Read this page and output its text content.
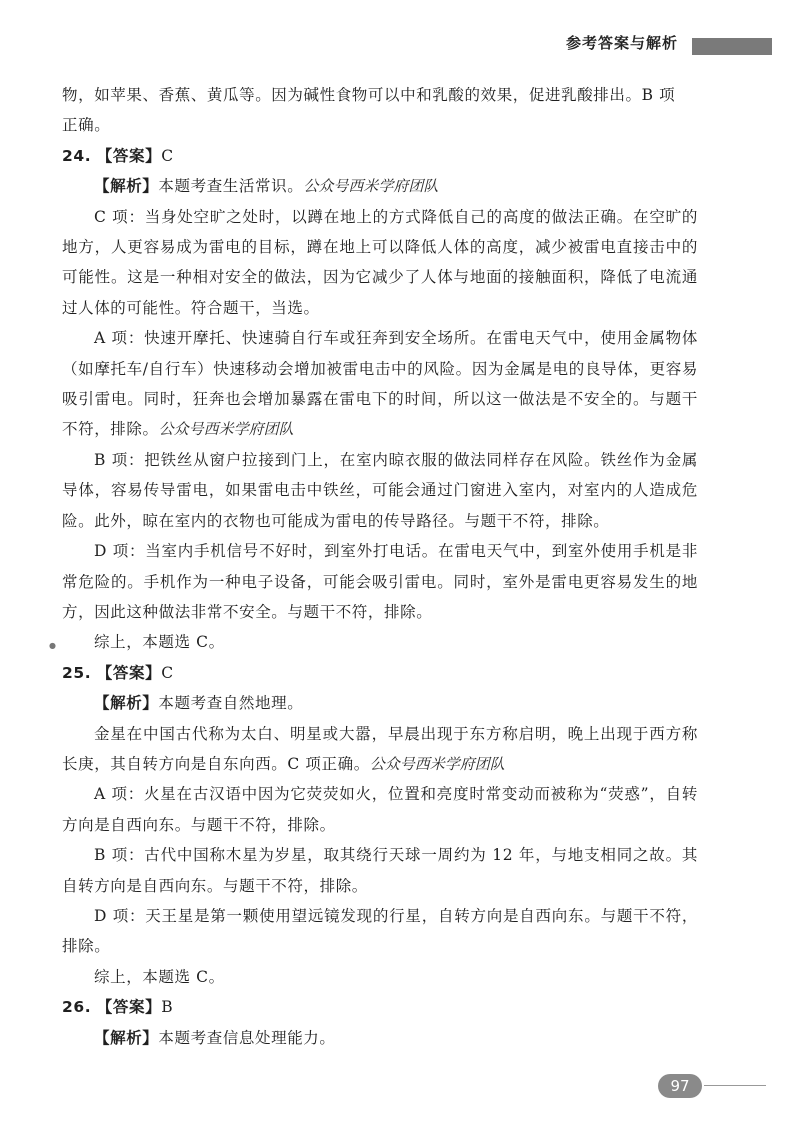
参考答案与解析

物，如苹果、香蕉、黄瓜等。因为碱性食物可以中和乳酸的效果，促进乳酸排出。B 项
正确。

24. 【答案】C

【解析】本题考查生活常识。公众号西米学府团队

C 项：当身处空旷之处时，以蹲在地上的方式降低自己的高度的做法正确。在空旷的地方，人更容易成为雷电的目标，蹲在地上可以降低人体的高度，减少被雷电直接击中的可能性。这是一种相对安全的做法，因为它减少了人体与地面的接触面积，降低了电流通过人体的可能性。符合题干，当选。

A 项：快速开摩托、快速骑自行车或狂奔到安全场所。在雷电天气中，使用金属物体（如摩托车/自行车）快速移动会增加被雷电击中的风险。因为金属是电的良导体，更容易吸引雷电。同时，狂奔也会增加暴露在雷电下的时间，所以这一做法是不安全的。与题干不符，排除。公众号西米学府团队

B 项：把铁丝从窗户拉接到门上，在室内晾衣服的做法同样存在风险。铁丝作为金属导体，容易传导雷电，如果雷电击中铁丝，可能会通过门窗进入室内，对室内的人造成危险。此外，晾在室内的衣物也可能成为雷电的传导路径。与题干不符，排除。

D 项：当室内手机信号不好时，到室外打电话。在雷电天气中，到室外使用手机是非常危险的。手机作为一种电子设备，可能会吸引雷电。同时，室外是雷电更容易发生的地方，因此这种做法非常不安全。与题干不符，排除。

综上，本题选 C。

25. 【答案】C

【解析】本题考查自然地理。

金星在中国古代称为太白、明星或大嚣，早晨出现于东方称启明，晚上出现于西方称长庚，其自转方向是自东向西。C 项正确。公众号西米学府团队

A 项：火星在古汉语中因为它荧荧如火，位置和亮度时常变动而被称为“荧惑”，自转方向是自西向东。与题干不符，排除。

B 项：古代中国称木星为岁星，取其绕行天球一周约为 12 年，与地支相同之故。其自转方向是自西向东。与题干不符，排除。

D 项：天王星是第一颗使用望远镜发现的行星，自转方向是自西向东。与题干不符，排除。

综上，本题选 C。

26. 【答案】B

【解析】本题考查信息处理能力。

●
97
